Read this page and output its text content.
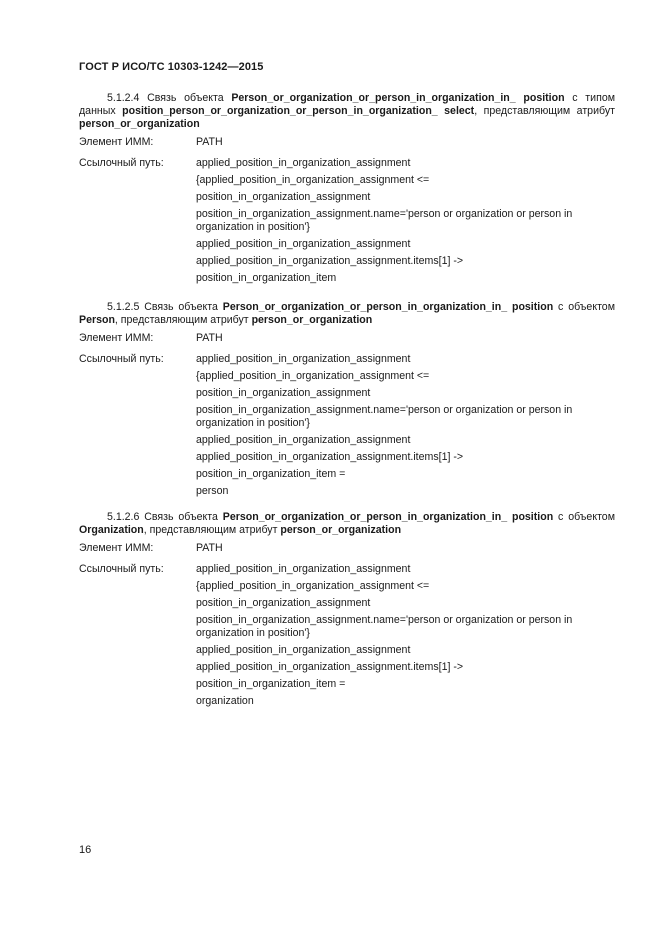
ГОСТ Р ИСО/ТС 10303-1242—2015

5.1.2.4 Связь объекта Person_or_organization_or_person_in_organization_in_ position с типом данных position_person_or_organization_or_person_in_organization_ select, представляющим атрибут person_or_organization

Элемент ИММ:	PATH
Ссылочный путь:	applied_position_in_organization_assignment
{applied_position_in_organization_assignment <=
position_in_organization_assignment
position_in_organization_assignment.name='person or organization or person in organization in position'}
applied_position_in_organization_assignment
applied_position_in_organization_assignment.items[1] ->
position_in_organization_item

5.1.2.5 Связь объекта Person_or_organization_or_person_in_organization_in_ position с объектом Person, представляющим атрибут person_or_organization

Элемент ИММ:	PATH
Ссылочный путь:	applied_position_in_organization_assignment
{applied_position_in_organization_assignment <=
position_in_organization_assignment
position_in_organization_assignment.name='person or organization or person in organization in position'}
applied_position_in_organization_assignment
applied_position_in_organization_assignment.items[1] ->
position_in_organization_item =
person

5.1.2.6 Связь объекта Person_or_organization_or_person_in_organization_in_ position с объектом Organization, представляющим атрибут person_or_organization

Элемент ИММ:	PATH
Ссылочный путь:	applied_position_in_organization_assignment
{applied_position_in_organization_assignment <=
position_in_organization_assignment
position_in_organization_assignment.name='person or organization or person in organization in position'}
applied_position_in_organization_assignment
applied_position_in_organization_assignment.items[1] ->
position_in_organization_item =
organization
16
